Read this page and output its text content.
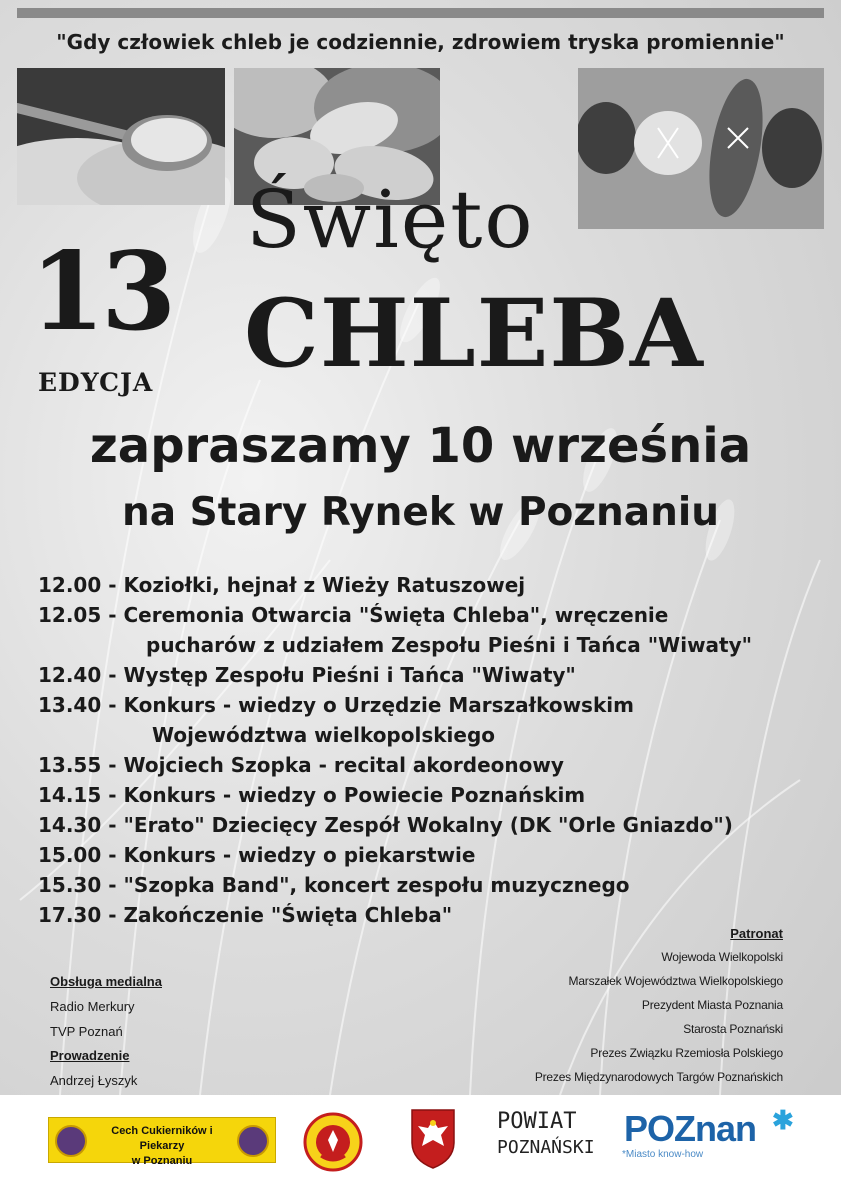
"Gdy człowiek chleb je codziennie, zdrowiem tryska promiennie"
13
EDYCJA
Święto
CHLEBA
zapraszamy 10 września
na Stary Rynek w Poznaniu
12.00 - Koziołki, hejnał z Wieży Ratuszowej
12.05 - Ceremonia Otwarcia "Święta Chleba", wręczenie
pucharów z udziałem Zespołu Pieśni i Tańca "Wiwaty"
12.40 - Występ Zespołu Pieśni i Tańca "Wiwaty"
13.40 - Konkurs - wiedzy o Urzędzie Marszałkowskim
Województwa wielkopolskiego
13.55 - Wojciech Szopka - recital akordeonowy
14.15 - Konkurs - wiedzy o Powiecie Poznańskim
14.30 - "Erato" Dziecięcy Zespół Wokalny (DK "Orle Gniazdo")
15.00 - Konkurs - wiedzy o piekarstwie
15.30 - "Szopka Band", koncert zespołu muzycznego
17.30 - Zakończenie "Święta Chleba"
Patronat
Wojewoda Wielkopolski
Marszałek Województwa Wielkopolskiego
Prezydent Miasta Poznania
Starosta Poznański
Prezes Związku Rzemiosła Polskiego
Prezes Międzynarodowych Targów Poznańskich
Obsługa medialna
Radio Merkury
TVP Poznań
Prowadzenie
Andrzej Łyszyk
Cech Cukierników i Piekarzy
w Poznaniu
POWIAT
POZNAŃSKI POZnan ✱
*Miasto know-how
